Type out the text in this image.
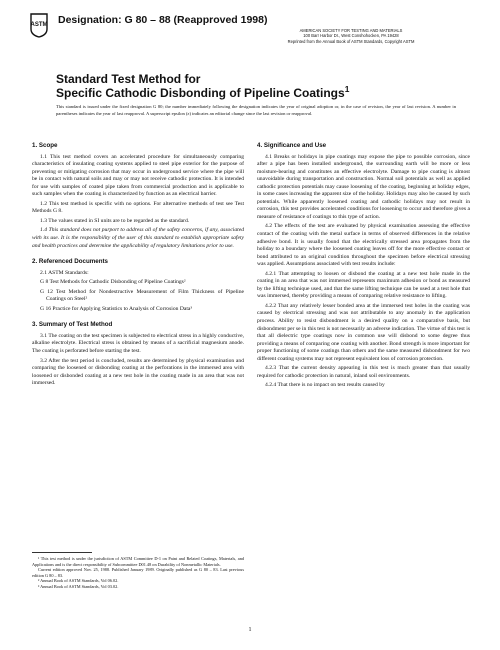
ASTM Designation: G 80 – 88 (Reapproved 1998)
AMERICAN SOCIETY FOR TESTING AND MATERIALS
100 Barr Harbor Dr., West Conshohocken, PA 19428
Reprinted from the Annual Book of ASTM Standards, Copyright ASTM
Standard Test Method for
Specific Cathodic Disbonding of Pipeline Coatings$^1$
This standard is issued under the fixed designation G 80; the number immediately following the designation indicates the year of original adoption or, in the case of revision, the year of last revision. A number in parentheses indicates the year of last reapproval. A superscript epsilon (ε) indicates an editorial change since the last revision or reapproval.
1. Scope

1.1 This test method covers an accelerated procedure for simultaneously comparing characteristics of insulating coating systems applied to steel pipe exterior for the purpose of preventing or mitigating corrosion that may occur in underground service where the pipe will be in contact with natural soils and may or may not receive cathodic protection. It is intended for use with samples of coated pipe taken from commercial production and is applicable to such samples when the coating is characterized by function as an electrical barrier.

1.2 This test method is specific with no options. For alternative methods of test see Test Methods G 8.

1.3 The values stated in SI units are to be regarded as the standard.

1.4 This standard does not purport to address all of the safety concerns, if any, associated with its use. It is the responsibility of the user of this standard to establish appropriate safety and health practices and determine the applicability of regulatory limitations prior to use.

2. Referenced Documents

2.1 ASTM Standards:

G 8 Test Methods for Cathodic Disbonding of Pipeline Coatings²

G 12 Test Method for Nondestructive Measurement of Film Thickness of Pipeline Coatings on Steel²

G 16 Practice for Applying Statistics to Analysis of Corrosion Data³

3. Summary of Test Method

3.1 The coating on the test specimen is subjected to electrical stress in a highly conductive, alkaline electrolyte. Electrical stress is obtained by means of a sacrificial magnesium anode. The coating is perforated before starting the test.

3.2 After the test period is concluded, results are determined by physical examination and comparing the loosened or disbonding coating at the perforations in the immersed area with loosened or disbonded coating at a new test hole in the coating made in an area that was not immersed.

¹ This test method is under the jurisdiction of ASTM Committee D-1 on Paint and Related Coatings, Materials, and Applications and is the direct responsibility of Subcommittee D01.48 on Durability of Nonmetallic Materials.

Current edition approved Nov. 25, 1988. Published January 1989. Originally published as G 80 – 83. Last previous edition G 80 – 83.

² Annual Book of ASTM Standards, Vol 06.02.

³ Annual Book of ASTM Standards, Vol 03.02.

4. Significance and Use

4.1 Breaks or holidays in pipe coatings may expose the pipe to possible corrosion, since after a pipe has been installed underground, the surrounding earth will be more or less moisture-bearing and constitutes an effective electrolyte. Damage to pipe coating is almost unavoidable during transportation and construction. Normal soil potentials as well as applied cathodic protection potentials may cause loosening of the coating, beginning at holiday edges, in some cases increasing the apparent size of the holiday. Holidays may also be caused by such potentials. While apparently loosened coating and cathodic holidays may not result in corrosion, this test provides accelerated conditions for loosening to occur and therefore gives a measure of resistance of coatings to this type of action.

4.2 The effects of the test are evaluated by physical examination assessing the effective contact of the coating with the metal surface in terms of observed differences in the relative adhesive bond. It is usually found that the electrically stressed area propagates from the holiday to a boundary where the loosened coating leaves off for the more effective contact or bond attributed to an original condition throughout the specimen before electrical stressing was applied. Assumptions associated with test results include:

4.2.1 That attempting to loosen or disbond the coating at a new test hole made in the coating in an area that was not immersed represents maximum adhesion or bond as measured by the lifting technique used, and that the same lifting technique can be used at a test hole that was immersed, thereby providing a means of comparing relative resistance to lifting.

4.2.2 That any relatively lesser bonded area at the immersed test holes in the coating was caused by electrical stressing and was not attributable to any anomaly in the application process. Ability to resist disbondment is a desired quality on a comparative basis, but disbondment per se in this test is not necessarily an adverse indication. The virtue of this test is that all dielectric type coatings now in common use will disbond to some degree thus providing a means of comparing one coating with another. Bond strength is more important for proper functioning of some coatings than others and the same measured disbondment for two different coating systems may not represent equivalent loss of corrosion protection.

4.2.3 That the current density appearing in this test is much greater than that usually required for cathodic protection in natural, inland soil environments.

4.2.4 That there is no impact on test results caused by

1
